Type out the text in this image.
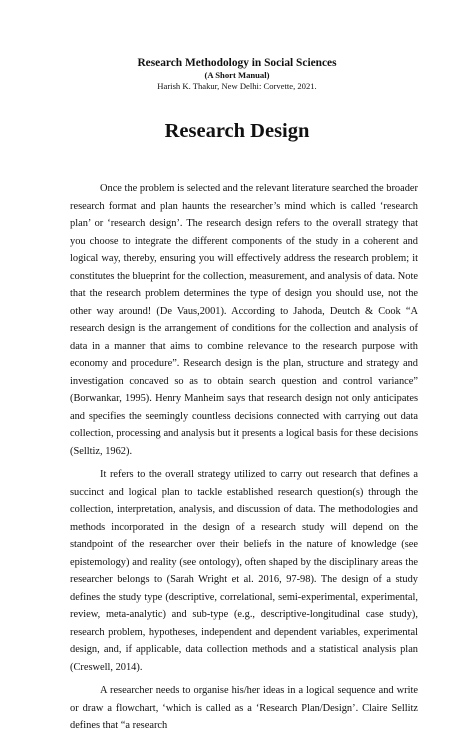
Research Methodology in Social Sciences
(A Short Manual)
Harish K. Thakur, New Delhi: Corvette, 2021.
Research Design

Once the problem is selected and the relevant literature searched the broader research format and plan haunts the researcher’s mind which is called ‘research plan’ or ‘research design’. The research design refers to the overall strategy that you choose to integrate the different components of the study in a coherent and logical way, thereby, ensuring you will effectively address the research problem; it constitutes the blueprint for the collection, measurement, and analysis of data. Note that the research problem determines the type of design you should use, not the other way around! (De Vaus,2001). According to Jahoda, Deutch & Cook “A research design is the arrangement of conditions for the collection and analysis of data in a manner that aims to combine relevance to the research purpose with economy and procedure”. Research design is the plan, structure and strategy and investigation concaved so as to obtain search question and control variance” (Borwankar, 1995). Henry Manheim says that research design not only anticipates and specifies the seemingly countless decisions connected with carrying out data collection, processing and analysis but it presents a logical basis for these decisions (Selltiz, 1962).

It refers to the overall strategy utilized to carry out research that defines a succinct and logical plan to tackle established research question(s) through the collection, interpretation, analysis, and discussion of data. The methodologies and methods incorporated in the design of a research study will depend on the standpoint of the researcher over their beliefs in the nature of knowledge (see epistemology) and reality (see ontology), often shaped by the disciplinary areas the researcher belongs to (Sarah Wright et al. 2016, 97-98). The design of a study defines the study type (descriptive, correlational, semi-experimental, experimental, review, meta-analytic) and sub-type (e.g., descriptive-longitudinal case study), research problem, hypotheses, independent and dependent variables, experimental design, and, if applicable, data collection methods and a statistical analysis plan (Creswell, 2014).

A researcher needs to organise his/her ideas in a logical sequence and write or draw a flowchart, ‘which is called as a ‘Research Plan/Design’. Claire Sellitz defines that “a research
